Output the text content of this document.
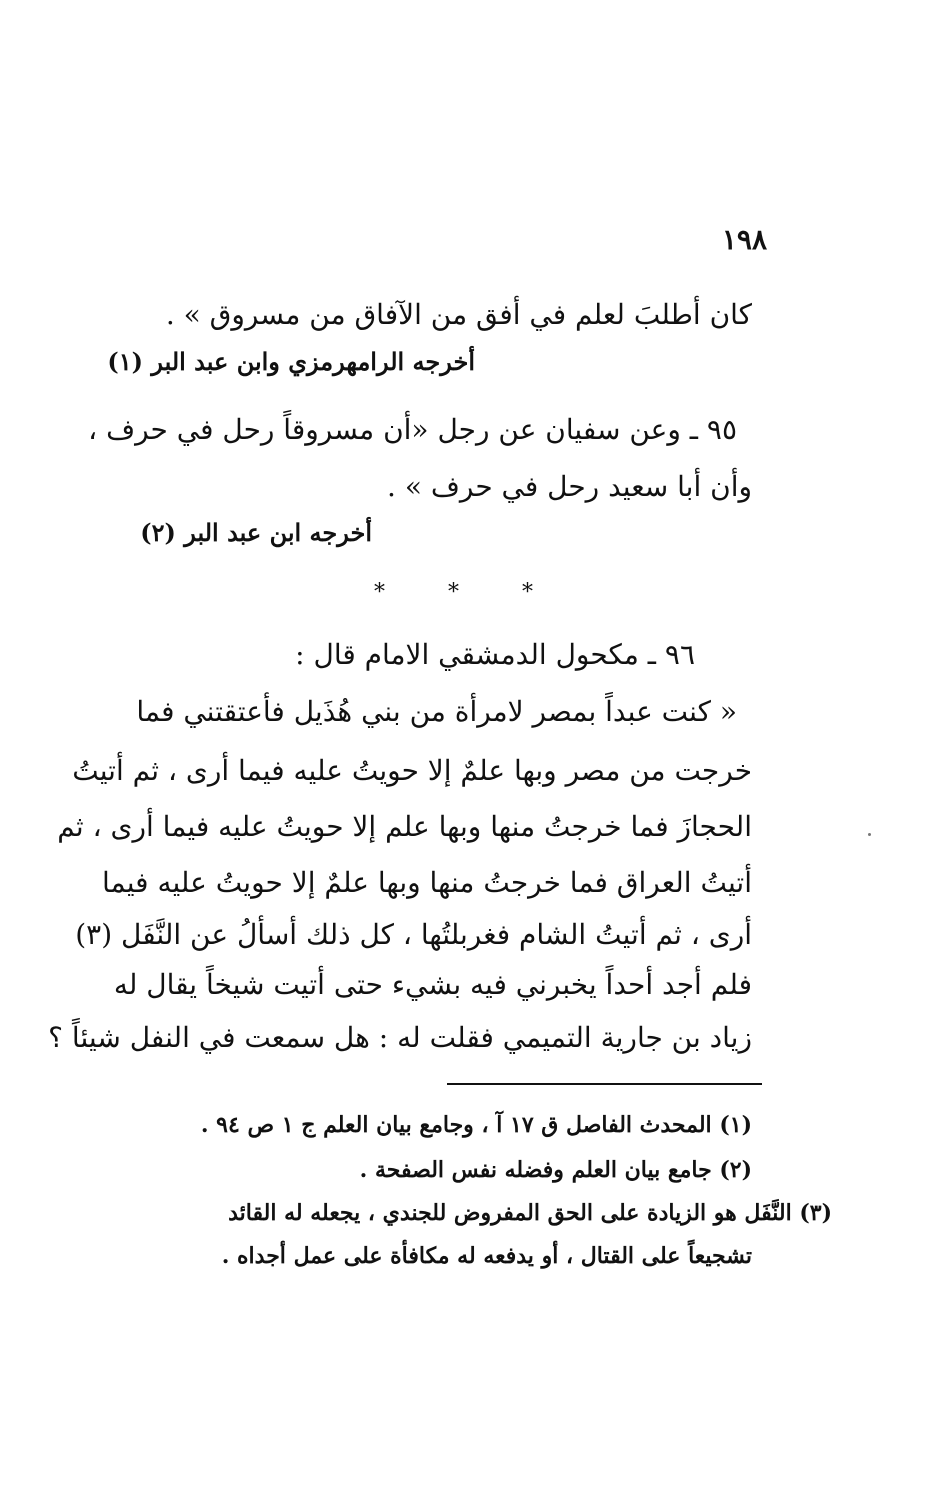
١٩٨
كان أطلبَ لعلم في أفق من الآفاق من مسروق » .
أخرجه الرامهرمزي وابن عبد البر (١)
٩٥ ـ وعن سفيان عن رجل «أن مسروقاً رحل في حرف ،
وأن أبا سعيد رحل في حرف » .
أخرجه ابن عبد البر (٢)
* * *
٩٦ ـ مكحول الدمشقي الامام قال :
« كنت عبداً بمصر لامرأة من بني هُذَيل فأعتقتني فما
خرجت من مصر وبها علمٌ إلا حويتُ عليه فيما أرى ، ثم أتيتُ
الحجازَ فما خرجتُ منها وبها علم إلا حويتُ عليه فيما أرى ، ثم
أتيتُ العراق فما خرجتُ منها وبها علمٌ إلا حويتُ عليه فيما
أرى ، ثم أتيتُ الشام فغربلتُها ، كل ذلك أسألُ عن النَّفَل (٣)
فلم أجد أحداً يخبرني فيه بشيء حتى أتيت شيخاً يقال له
زياد بن جارية التميمي فقلت له : هل سمعت في النفل شيئاً ؟
(١) المحدث الفاصل ق ١٧ آ ، وجامع بيان العلم ج ١ ص ٩٤ .
(٢) جامع بيان العلم وفضله نفس الصفحة .
(٣) النَّفَل هو الزيادة على الحق المفروض للجندي ، يجعله له القائد
تشجيعاً على القتال ، أو يدفعه له مكافأة على عمل أجداه .
